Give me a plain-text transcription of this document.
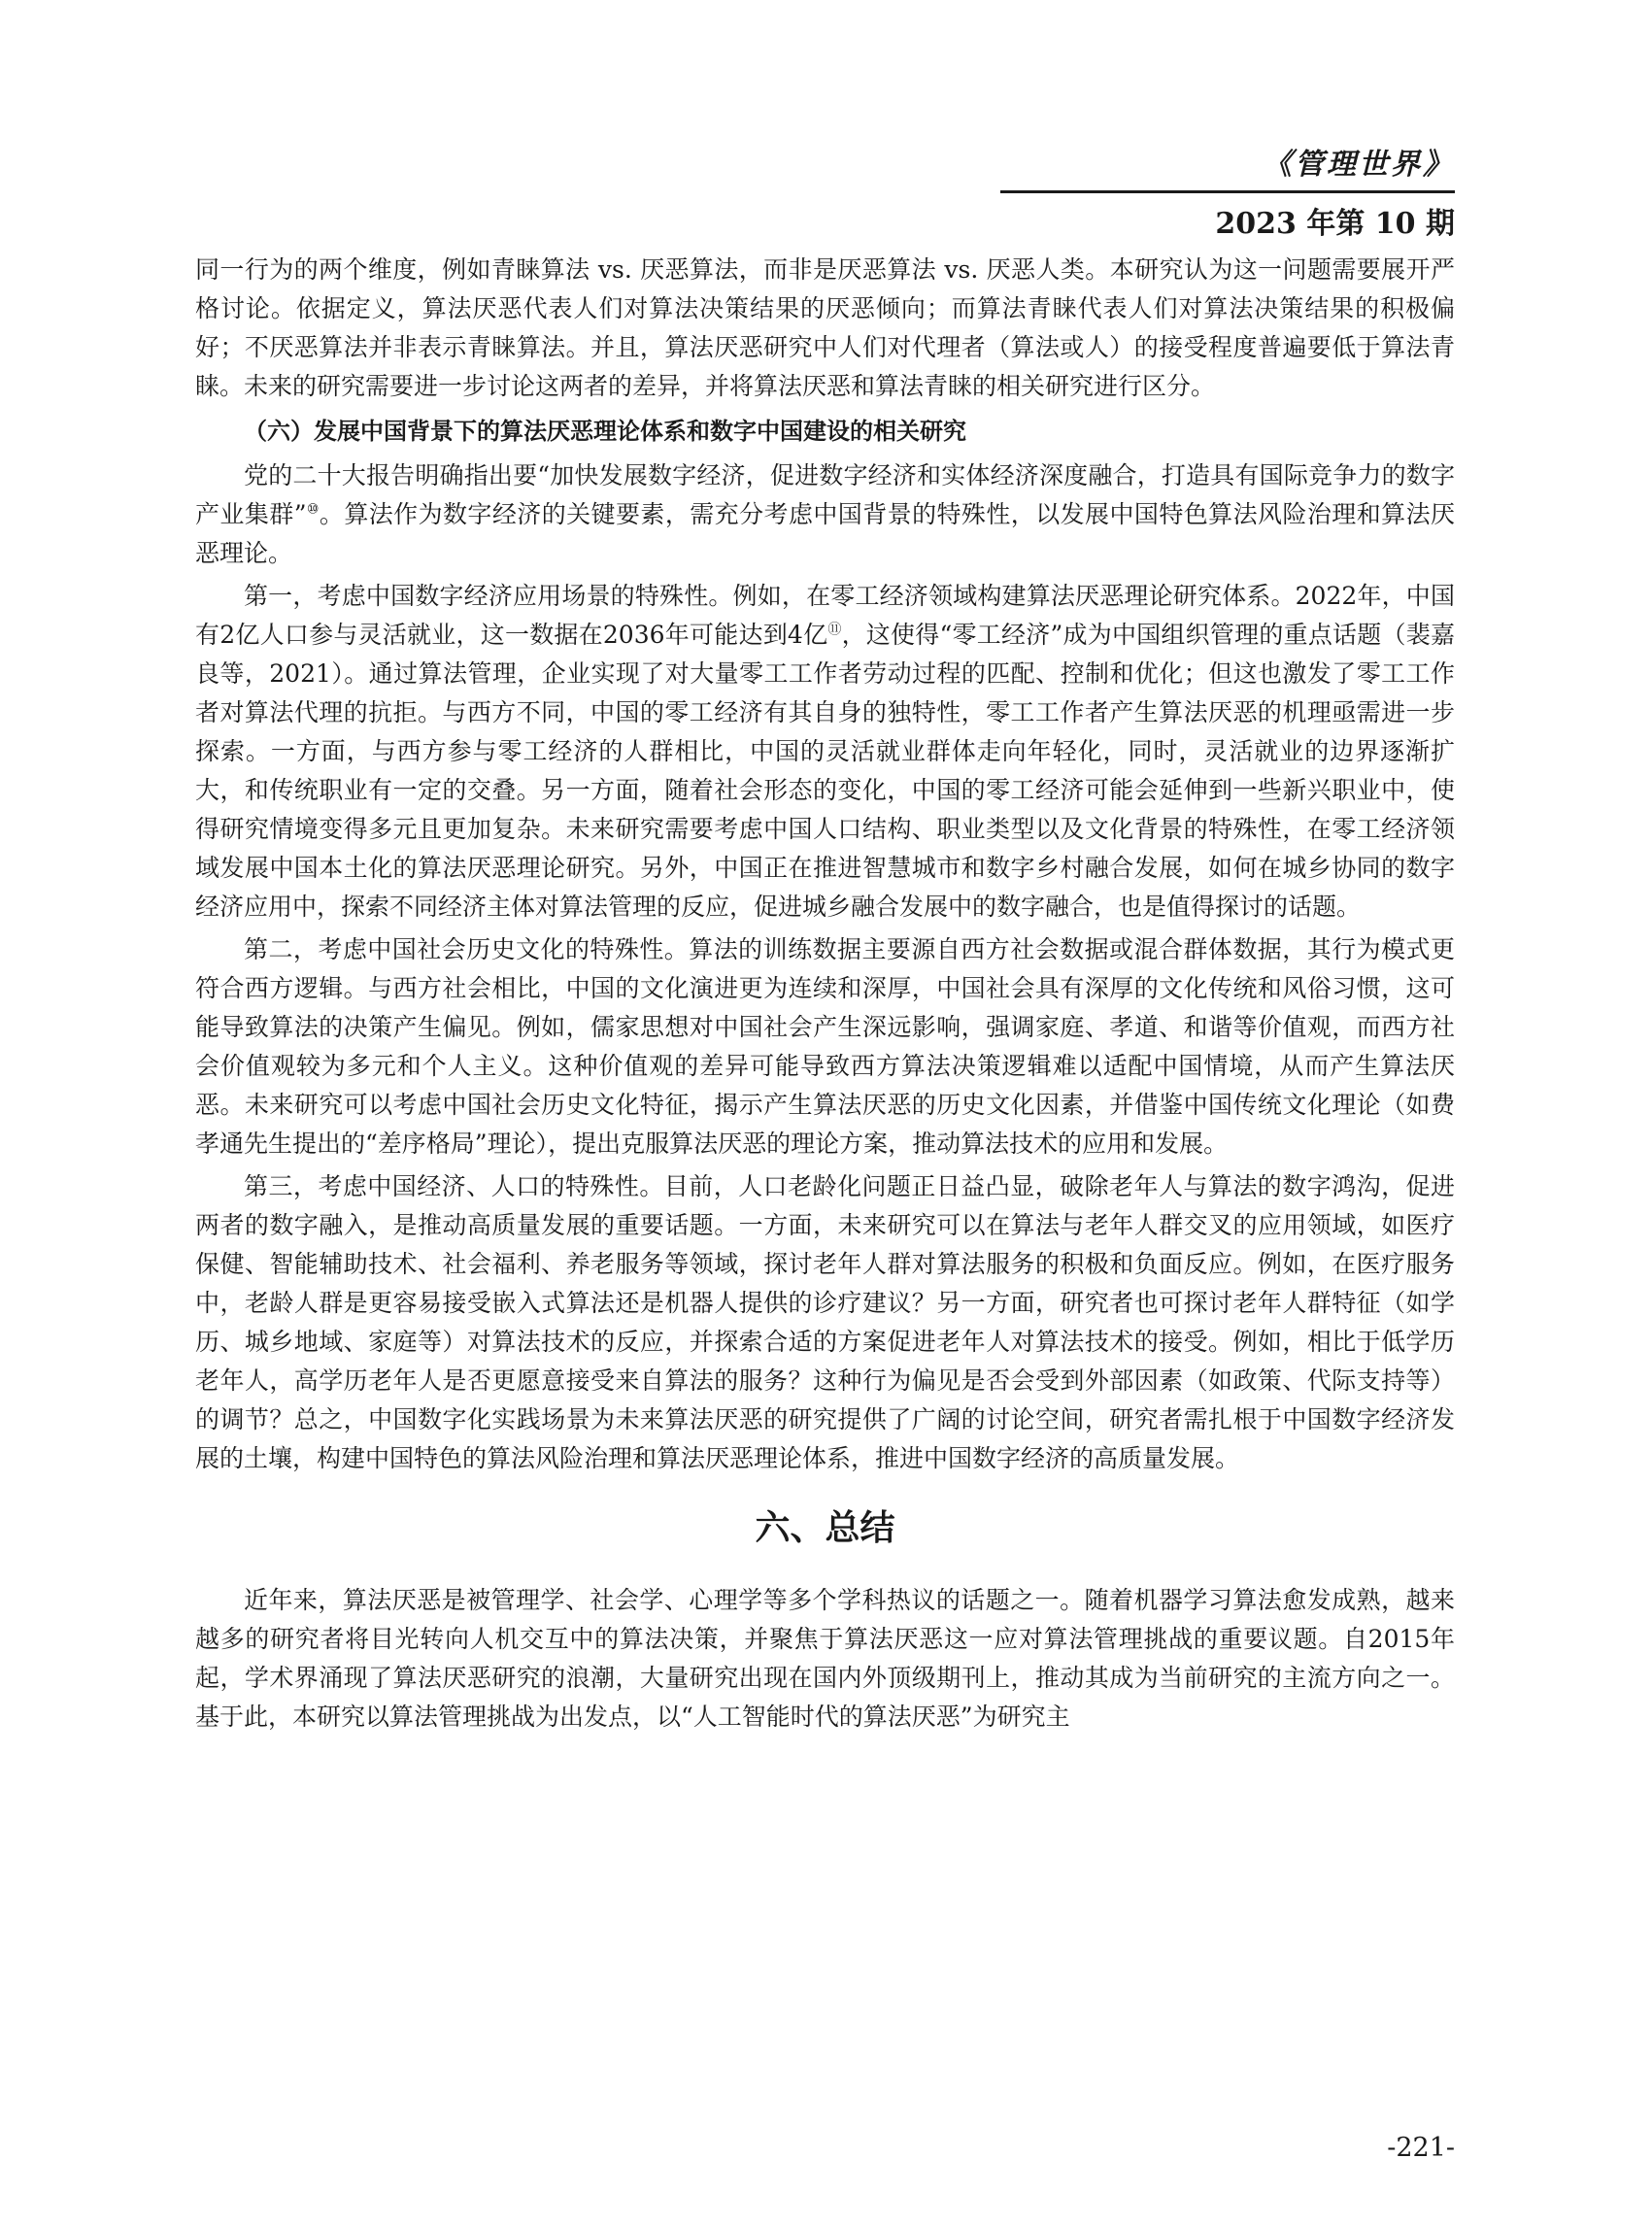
《管理世界》
2023 年第 10 期

同一行为的两个维度，例如青睐算法 vs. 厌恶算法，而非是厌恶算法 vs. 厌恶人类。本研究认为这一问题需要展开严格讨论。依据定义，算法厌恶代表人们对算法决策结果的厌恶倾向；而算法青睐代表人们对算法决策结果的积极偏好；不厌恶算法并非表示青睐算法。并且，算法厌恶研究中人们对代理者（算法或人）的接受程度普遍要低于算法青睐。未来的研究需要进一步讨论这两者的差异，并将算法厌恶和算法青睐的相关研究进行区分。

（六）发展中国背景下的算法厌恶理论体系和数字中国建设的相关研究

党的二十大报告明确指出要“加快发展数字经济，促进数字经济和实体经济深度融合，打造具有国际竞争力的数字产业集群”⑩。算法作为数字经济的关键要素，需充分考虑中国背景的特殊性，以发展中国特色算法风险治理和算法厌恶理论。

第一，考虑中国数字经济应用场景的特殊性。例如，在零工经济领域构建算法厌恶理论研究体系。2022年，中国有2亿人口参与灵活就业，这一数据在2036年可能达到4亿⑪，这使得“零工经济”成为中国组织管理的重点话题（裴嘉良等，2021）。通过算法管理，企业实现了对大量零工工作者劳动过程的匹配、控制和优化；但这也激发了零工工作者对算法代理的抗拒。与西方不同，中国的零工经济有其自身的独特性，零工工作者产生算法厌恶的机理亟需进一步探索。一方面，与西方参与零工经济的人群相比，中国的灵活就业群体走向年轻化，同时，灵活就业的边界逐渐扩大，和传统职业有一定的交叠。另一方面，随着社会形态的变化，中国的零工经济可能会延伸到一些新兴职业中，使得研究情境变得多元且更加复杂。未来研究需要考虑中国人口结构、职业类型以及文化背景的特殊性，在零工经济领域发展中国本土化的算法厌恶理论研究。另外，中国正在推进智慧城市和数字乡村融合发展，如何在城乡协同的数字经济应用中，探索不同经济主体对算法管理的反应，促进城乡融合发展中的数字融合，也是值得探讨的话题。

第二，考虑中国社会历史文化的特殊性。算法的训练数据主要源自西方社会数据或混合群体数据，其行为模式更符合西方逻辑。与西方社会相比，中国的文化演进更为连续和深厚，中国社会具有深厚的文化传统和风俗习惯，这可能导致算法的决策产生偏见。例如，儒家思想对中国社会产生深远影响，强调家庭、孝道、和谐等价值观，而西方社会价值观较为多元和个人主义。这种价值观的差异可能导致西方算法决策逻辑难以适配中国情境，从而产生算法厌恶。未来研究可以考虑中国社会历史文化特征，揭示产生算法厌恶的历史文化因素，并借鉴中国传统文化理论（如费孝通先生提出的“差序格局”理论），提出克服算法厌恶的理论方案，推动算法技术的应用和发展。

第三，考虑中国经济、人口的特殊性。目前，人口老龄化问题正日益凸显，破除老年人与算法的数字鸿沟，促进两者的数字融入，是推动高质量发展的重要话题。一方面，未来研究可以在算法与老年人群交叉的应用领域，如医疗保健、智能辅助技术、社会福利、养老服务等领域，探讨老年人群对算法服务的积极和负面反应。例如，在医疗服务中，老龄人群是更容易接受嵌入式算法还是机器人提供的诊疗建议？另一方面，研究者也可探讨老年人群特征（如学历、城乡地域、家庭等）对算法技术的反应，并探索合适的方案促进老年人对算法技术的接受。例如，相比于低学历老年人，高学历老年人是否更愿意接受来自算法的服务？这种行为偏见是否会受到外部因素（如政策、代际支持等）的调节？总之，中国数字化实践场景为未来算法厌恶的研究提供了广阔的讨论空间，研究者需扎根于中国数字经济发展的土壤，构建中国特色的算法风险治理和算法厌恶理论体系，推进中国数字经济的高质量发展。

六、总结

近年来，算法厌恶是被管理学、社会学、心理学等多个学科热议的话题之一。随着机器学习算法愈发成熟，越来越多的研究者将目光转向人机交互中的算法决策，并聚焦于算法厌恶这一应对算法管理挑战的重要议题。自2015年起，学术界涌现了算法厌恶研究的浪潮，大量研究出现在国内外顶级期刊上，推动其成为当前研究的主流方向之一。基于此，本研究以算法管理挑战为出发点，以“人工智能时代的算法厌恶”为研究主

-221-
